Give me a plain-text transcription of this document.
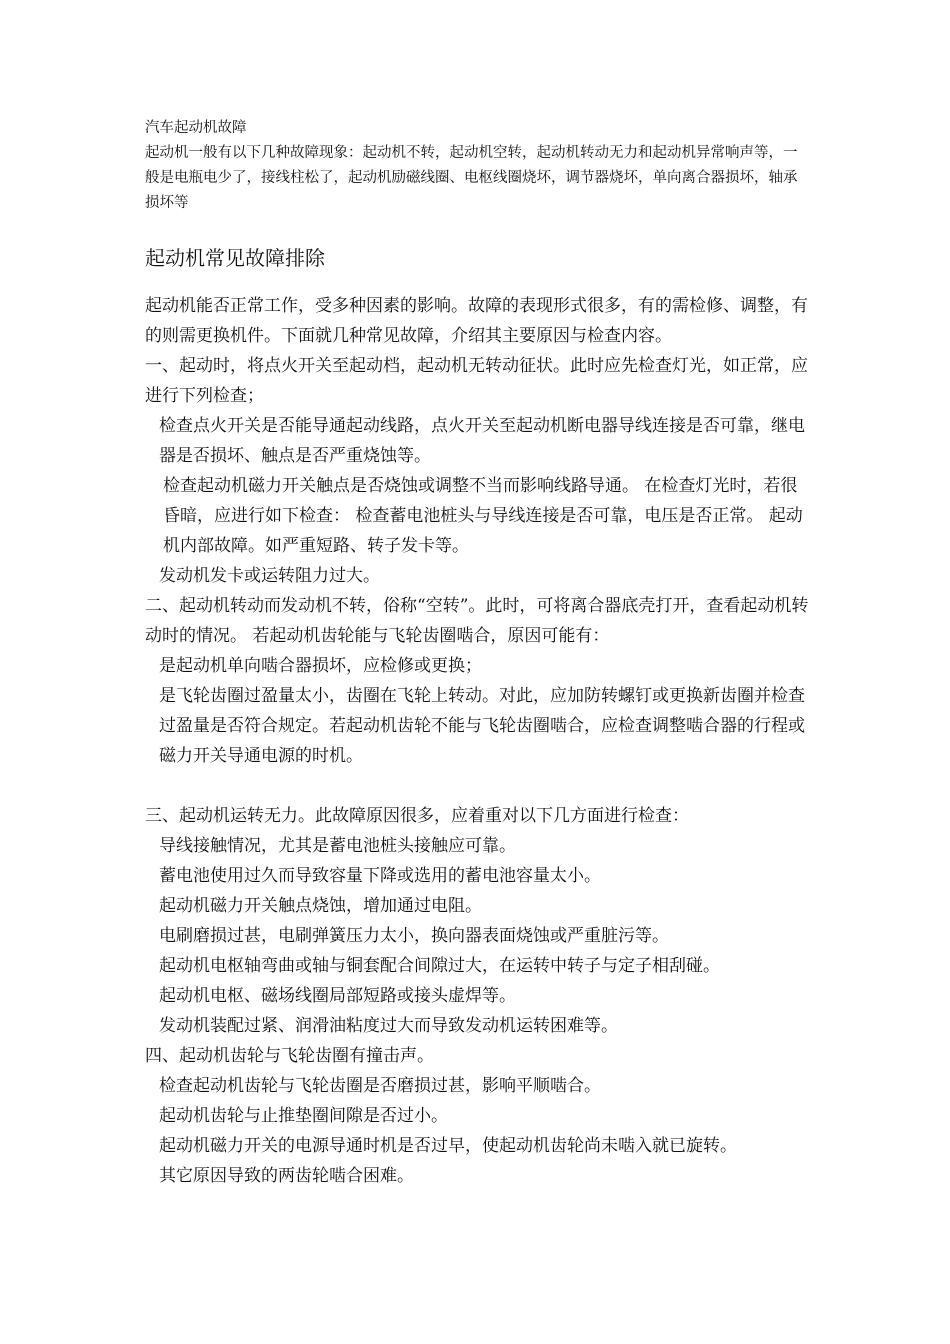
汽车起动机故障

起动机一般有以下几种故障现象：起动机不转，起动机空转，起动机转动无力和起动机异常响声等，一般是电瓶电少了，接线柱松了，起动机励磁线圈、电枢线圈烧坏，调节器烧坏，单向离合器损坏，轴承损坏等

起动机常见故障排除

起动机能否正常工作，受多种因素的影响。故障的表现形式很多，有的需检修、调整，有的则需更换机件。下面就几种常见故障，介绍其主要原因与检查内容。

一、起动时，将点火开关至起动档，起动机无转动征状。此时应先检查灯光，如正常，应进行下列检查；

检查点火开关是否能导通起动线路，点火开关至起动机断电器导线连接是否可靠，继电器是否损坏、触点是否严重烧蚀等。

检查起动机磁力开关触点是否烧蚀或调整不当而影响线路导通。 在检查灯光时，若很昏暗，应进行如下检查： 检查蓄电池桩头与导线连接是否可靠，电压是否正常。 起动机内部故障。如严重短路、转子发卡等。

发动机发卡或运转阻力过大。

二、起动机转动而发动机不转，俗称“空转”。此时，可将离合器底壳打开，查看起动机转动时的情况。 若起动机齿轮能与飞轮齿圈啮合，原因可能有：

是起动机单向啮合器损坏，应检修或更换；

是飞轮齿圈过盈量太小，齿圈在飞轮上转动。对此，应加防转螺钉或更换新齿圈并检查过盈量是否符合规定。若起动机齿轮不能与飞轮齿圈啮合，应检查调整啮合器的行程或磁力开关导通电源的时机。

三、起动机运转无力。此故障原因很多，应着重对以下几方面进行检查：

导线接触情况，尤其是蓄电池桩头接触应可靠。

蓄电池使用过久而导致容量下降或选用的蓄电池容量太小。

起动机磁力开关触点烧蚀，增加通过电阻。

电刷磨损过甚，电刷弹簧压力太小，换向器表面烧蚀或严重脏污等。

起动机电枢轴弯曲或轴与铜套配合间隙过大，在运转中转子与定子相刮碰。

起动机电枢、磁场线圈局部短路或接头虚焊等。

发动机装配过紧、润滑油粘度过大而导致发动机运转困难等。

四、起动机齿轮与飞轮齿圈有撞击声。

检查起动机齿轮与飞轮齿圈是否磨损过甚，影响平顺啮合。

起动机齿轮与止推垫圈间隙是否过小。

起动机磁力开关的电源导通时机是否过早，使起动机齿轮尚未啮入就已旋转。

其它原因导致的两齿轮啮合困难。
